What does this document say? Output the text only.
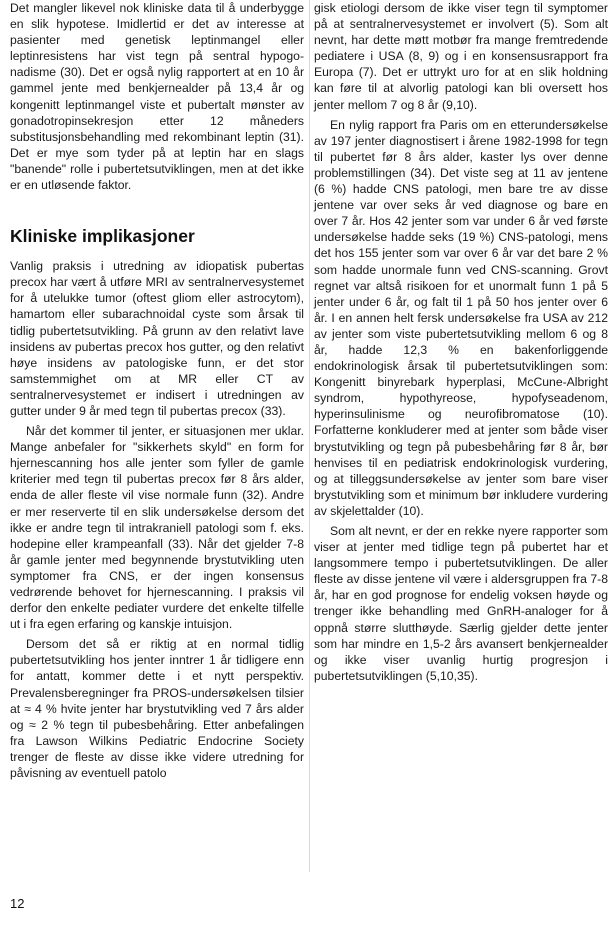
Det mangler likevel nok kliniske data til å underbygge en slik hypotese. Imidlertid er det av interesse at pasienter med genetisk leptinmangel eller leptinresistens har vist tegn på sentral hypogonadisme (30). Det er også nylig rapportert at en 10 år gammel jente med benkjernealder på 13,4 år og kongenitt leptinmangel viste et pubertalt mønster av gonadotropinsekresjon etter 12 måneders substitusjonsbehandling med rekombinant leptin (31). Det er mye som tyder på at leptin har en slags "banende" rolle i pubertetsutviklingen, men at det ikke er en utløsende faktor.

Kliniske implikasjoner

Vanlig praksis i utredning av idiopatisk pubertas precox har vært å utføre MRI av sentralnervesystemet for å utelukke tumor (oftest gliom eller astrocytom), hamartom eller subarachnoidal cyste som årsak til tidlig pubertetsutvikling. På grunn av den relativt lave insidens av pubertas precox hos gutter, og den relativt høye insidens av patologiske funn, er det stor samstemmighet om at MR eller CT av sentralnervesystemet er indisert i utredningen av gutter under 9 år med tegn til pubertas precox (33).

Når det kommer til jenter, er situasjonen mer uklar. Mange anbefaler for "sikkerhets skyld" en form for hjernescanning hos alle jenter som fyller de gamle kriterier med tegn til pubertas precox før 8 års alder, enda de aller fleste vil vise normale funn (32). Andre er mer reserverte til en slik undersøkelse dersom det ikke er andre tegn til intrakraniell patologi som f. eks. hodepine eller krampeanfall (33). Når det gjelder 7-8 år gamle jenter med begynnende brystutvikling uten symptomer fra CNS, er der ingen konsensus vedrørende behovet for hjernescanning. I praksis vil derfor den enkelte pediater vurdere det enkelte tilfelle ut i fra egen erfaring og kanskje intuisjon.

Dersom det så er riktig at en normal tidlig pubertetsutvikling hos jenter inntrer 1 år tidligere enn for antatt, kommer dette i et nytt perspektiv. Prevalensberegninger fra PROS-undersøkelsen tilsier at ≈ 4 % hvite jenter har brystutvikling ved 7 års alder og ≈ 2 % tegn til pubesbehåring. Etter anbefalingen fra Lawson Wilkins Pediatric Endocrine Society trenger de fleste av disse ikke videre utredning for påvisning av eventuell patolo

gisk etiologi dersom de ikke viser tegn til symptomer på at sentralnervesystemet er involvert (5). Som alt nevnt, har dette møtt motbør fra mange fremtredende pediatere i USA (8, 9) og i en konsensusrapport fra Europa (7). Det er uttrykt uro for at en slik holdning kan føre til at alvorlig patologi kan bli oversett hos jenter mellom 7 og 8 år (9,10).

En nylig rapport fra Paris om en etterundersøkelse av 197 jenter diagnostisert i årene 1982-1998 for tegn til pubertet før 8 års alder, kaster lys over denne problemstillingen (34). Det viste seg at 11 av jentene (6 %) hadde CNS patologi, men bare tre av disse jentene var over seks år ved diagnose og bare en over 7 år. Hos 42 jenter som var under 6 år ved første undersøkelse hadde seks (19 %) CNS-patologi, mens det hos 155 jenter som var over 6 år var det bare 2 % som hadde unormale funn ved CNS-scanning. Grovt regnet var altså risikoen for et unormalt funn 1 på 5 jenter under 6 år, og falt til 1 på 50 hos jenter over 6 år. I en annen helt fersk undersøkelse fra USA av 212 av jenter som viste pubertetsutvikling mellom 6 og 8 år, hadde 12,3 % en bakenforliggende endokrinologisk årsak til pubertetsutviklingen som: Kongenitt binyrebark hyperplasi, McCune-Albright syndrom, hypothyreose, hypofyseadenom, hyperinsulinisme og neurofibromatose (10). Forfatterne konkluderer med at jenter som både viser brystutvikling og tegn på pubesbehåring før 8 år, bør henvises til en pediatrisk endokrinologisk vurdering, og at tilleggsundersøkelse av jenter som bare viser brystutvikling som et minimum bør inkludere vurdering av skjelettalder (10).

Som alt nevnt, er der en rekke nyere rapporter som viser at jenter med tidlige tegn på pubertet har et langsommere tempo i pubertetsutviklingen. De aller fleste av disse jentene vil være i aldersgruppen fra 7-8 år, har en god prognose for endelig voksen høyde og trenger ikke behandling med GnRH-analoger for å oppnå større slutthøyde. Særlig gjelder dette jenter som har mindre en 1,5-2 års avansert benkjernealder og ikke viser uvanlig hurtig progresjon i pubertetsutviklingen (5,10,35).

12
